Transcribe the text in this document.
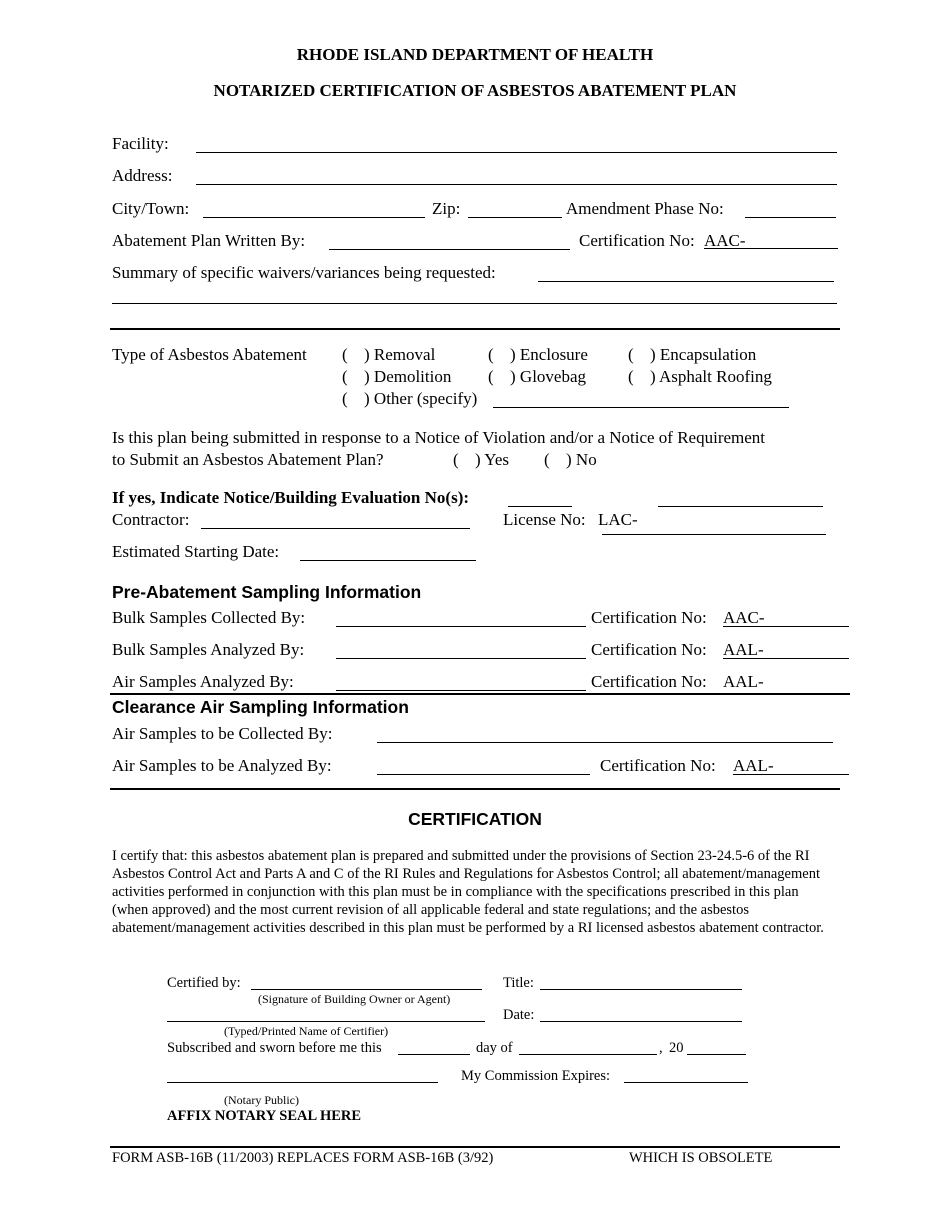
RHODE ISLAND DEPARTMENT OF HEALTH
NOTARIZED CERTIFICATION OF ASBESTOS ABATEMENT PLAN
Facility:
Address:
City/Town:	Zip:	Amendment Phase No:
Abatement Plan Written By:	Certification No: AAC-
Summary of specific waivers/variances being requested:
Type of Asbestos Abatement ( ) Removal	( ) Enclosure ( ) Encapsulation
( ) Demolition ( ) Glovebag ( ) Asphalt Roofing
( ) Other (specify)
Is this plan being submitted in response to a Notice of Violation and/or a Notice of Requirement
to Submit an Asbestos Abatement Plan?	( ) Yes ( ) No
If yes, Indicate Notice/Building Evaluation No(s):
Contractor:	License No: LAC-
Estimated Starting Date:
Pre-Abatement Sampling Information
Bulk Samples Collected By:	Certification No: AAC-
Bulk Samples Analyzed By:	Certification No: AAL-
Air Samples Analyzed By:	Certification No: AAL-
Clearance Air Sampling Information
Air Samples to be Collected By:
Air Samples to be Analyzed By:	Certification No: AAL-
CERTIFICATION
I certify that: this asbestos abatement plan is prepared and submitted under the provisions of Section 23-24.5-6 of the RI Asbestos Control Act and Parts A and C of the RI Rules and Regulations for Asbestos Control; all abatement/management activities performed in conjunction with this plan must be in compliance with the specifications prescribed in this plan (when approved) and the most current revision of all applicable federal and state regulations; and the asbestos abatement/management activities described in this plan must be performed by a RI licensed asbestos abatement contractor.
Certified by:
(Signature of Building Owner or Agent)
Title:
Date:
(Typed/Printed Name of Certifier)
Subscribed and sworn before me this	day of	, 20
My Commission Expires:
(Notary Public)
AFFIX NOTARY SEAL HERE
FORM ASB-16B (11/2003) REPLACES FORM ASB-16B (3/92)	WHICH IS OBSOLETE
